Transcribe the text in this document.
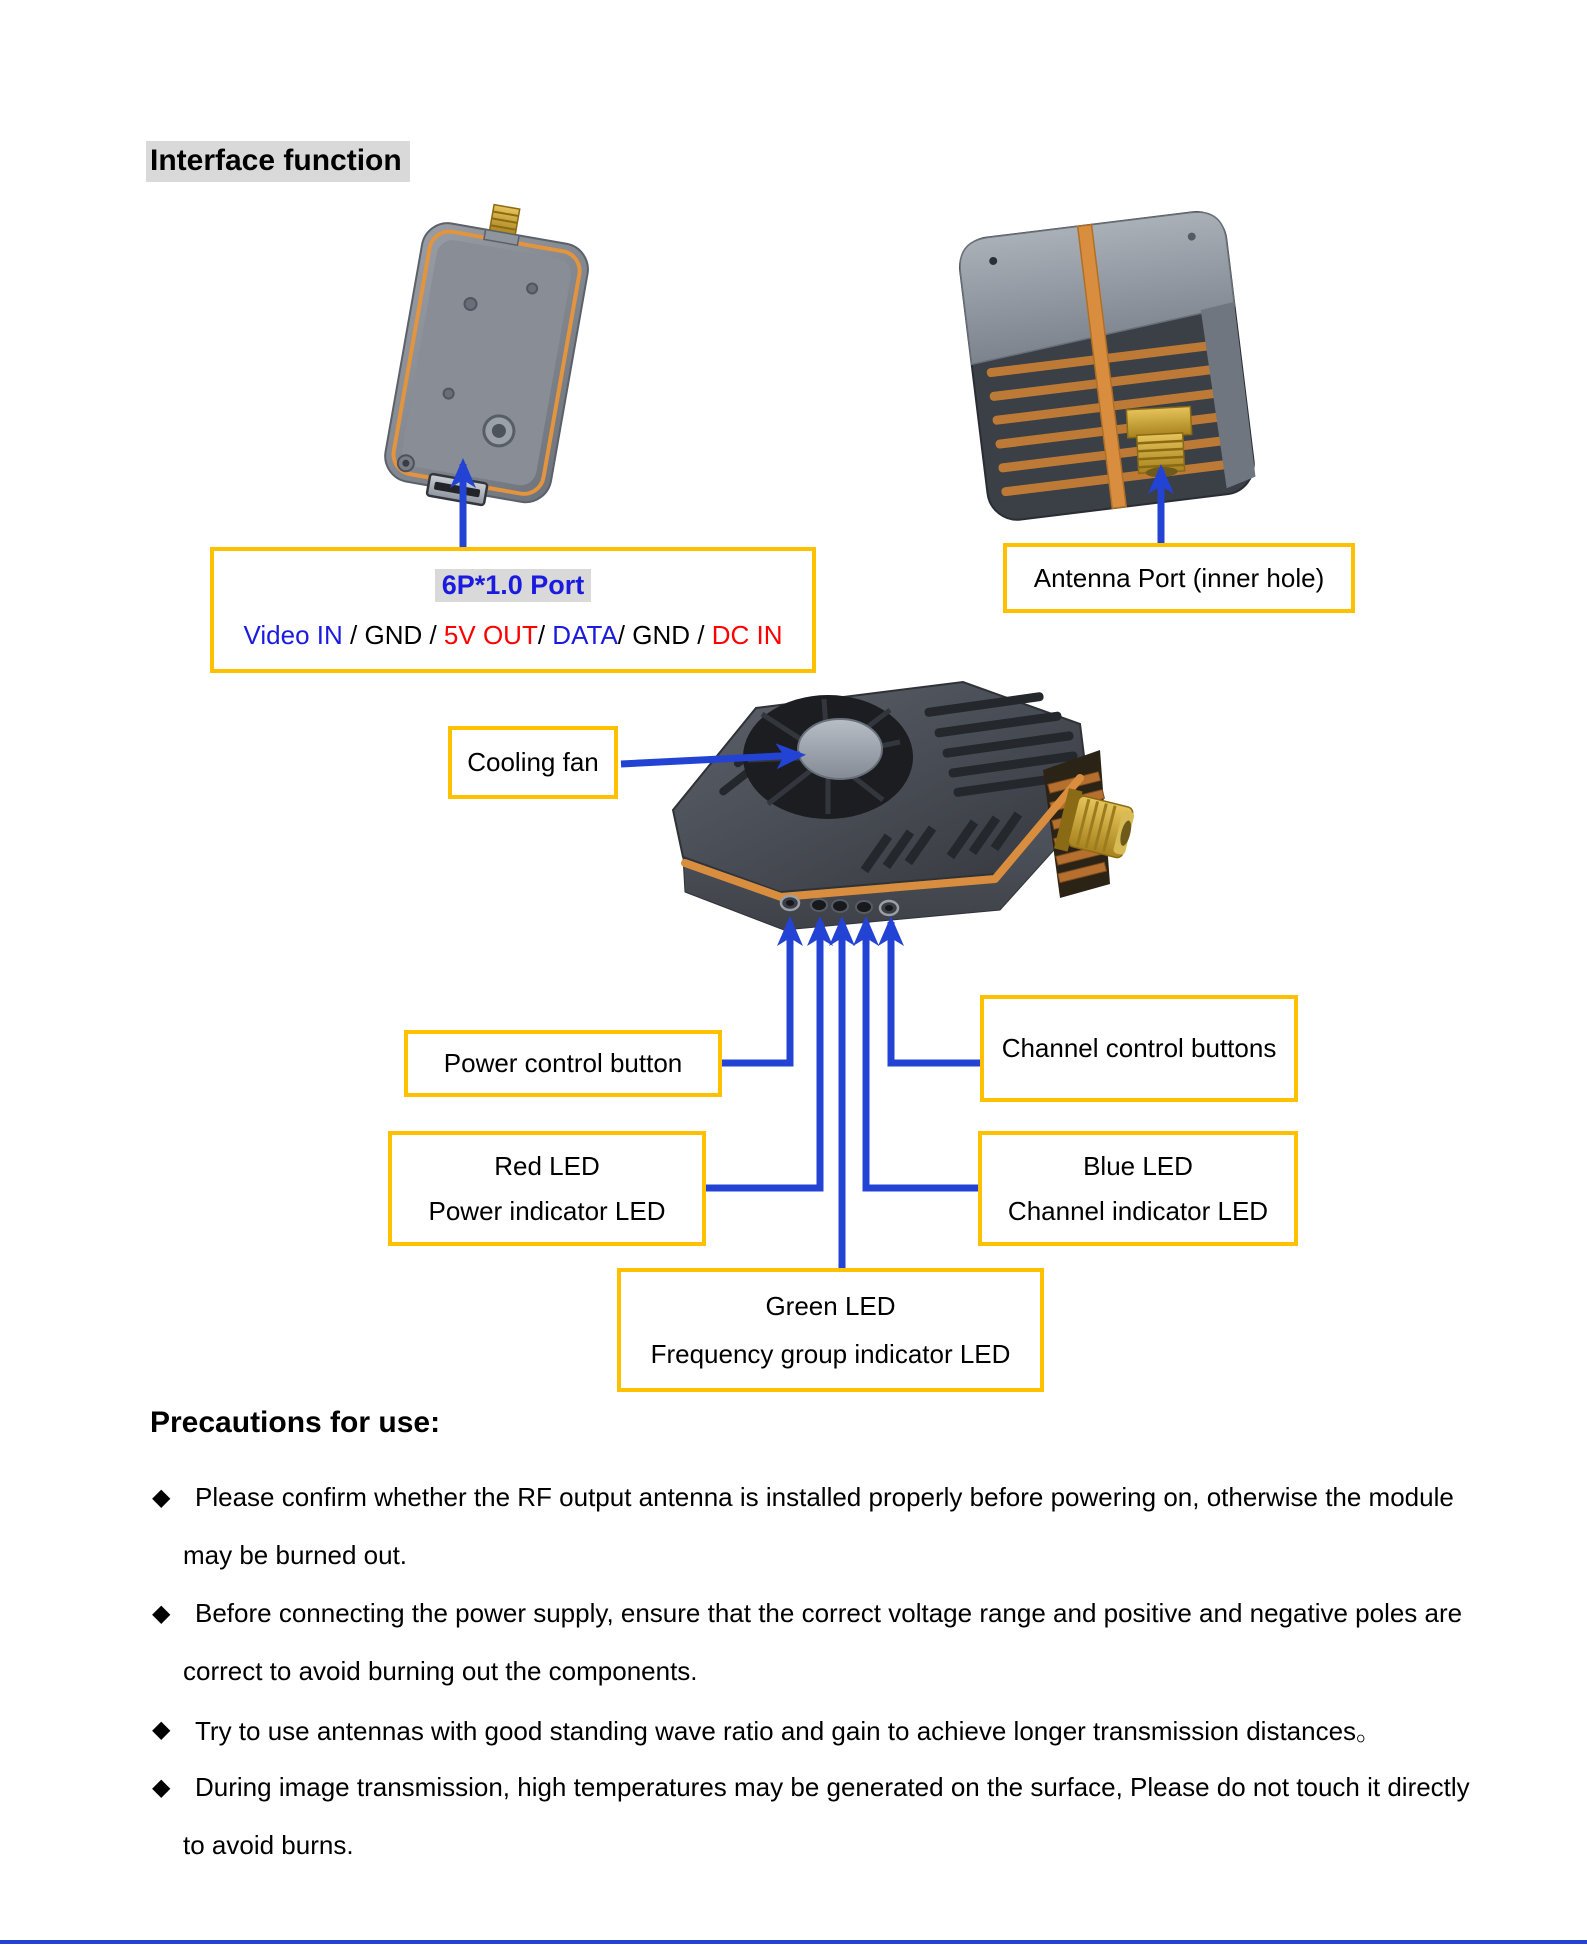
Interface function
Precautions for use:
6P*1.0 Port
Video IN / GND / 5V OUT/ DATA/ GND / DC IN
Antenna Port (inner hole)
Cooling fan
Power control button	Channel control buttons
Red LED
Power indicator LED
Blue LED
Channel indicator LED
Green LED
Frequency group indicator LED
◆ Please confirm whether the RF output antenna is installed properly before powering on, otherwise the module
may be burned out.
◆ Before connecting the power supply, ensure that the correct voltage range and positive and negative poles are
correct to avoid burning out the components.
◆ Try to use antennas with good standing wave ratio and gain to achieve longer transmission distances。
◆ During image transmission, high temperatures may be generated on the surface, Please do not touch it directly
to avoid burns.
